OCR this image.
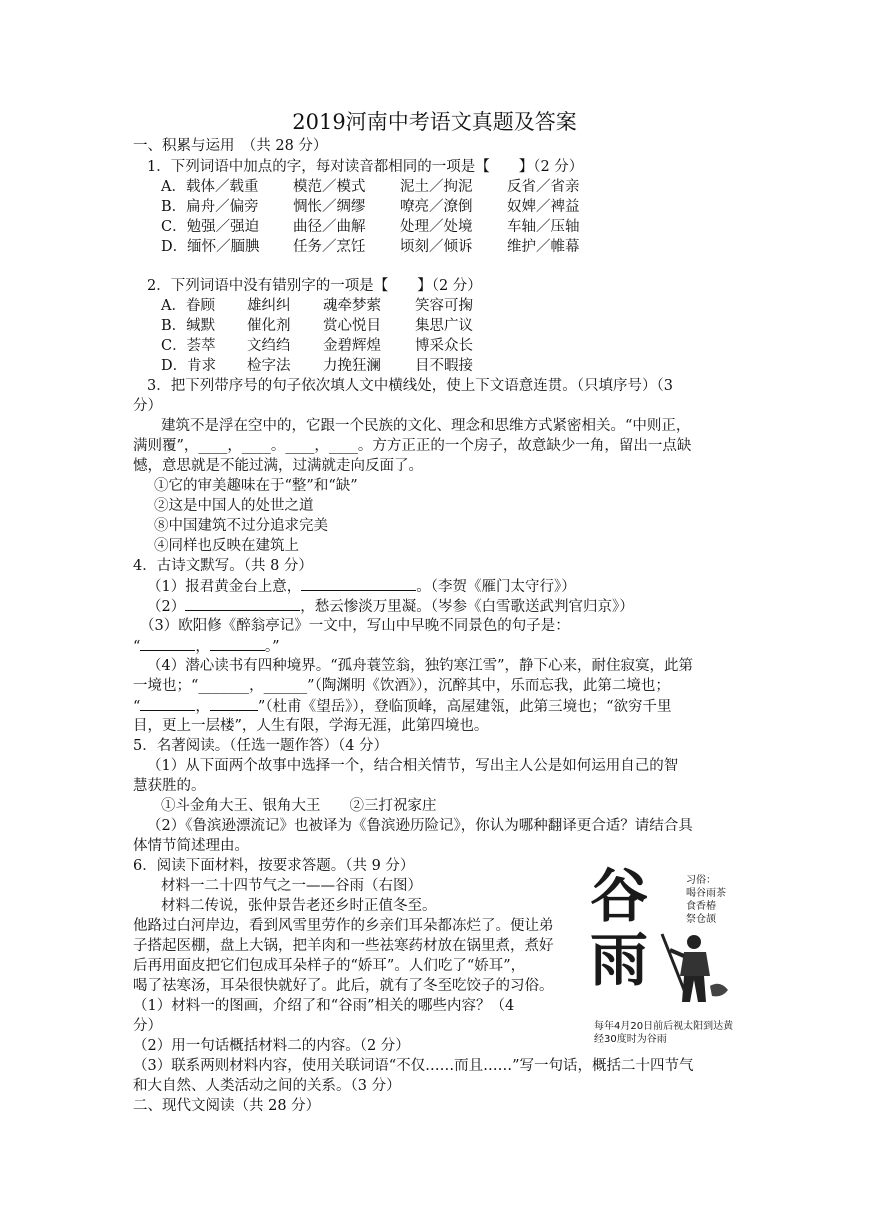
2019河南中考语文真题及答案
一、积累与运用　（共 28 分）
1．下列词语中加点的字，每对读音都相同的一项是【　　】（2 分）
2．下列词语中没有错别字的一项是【　　】（2 分）
3．把下列带序号的句子依次填人文中横线处，使上下文语意连贯。（只填序号）（3
分）
建筑不是浮在空中的，它跟一个民族的文化、理念和思维方式紧密相关。“中则正，
满则覆”，____，____。____，____。方方正正的一个房子，故意缺少一角，留出一点缺
憾，意思就是不能过满，过满就走向反面了。
①它的审美趣味在于“整”和“缺”
②这是中国人的处世之道
⑧中国建筑不过分追求完美
④同样也反映在建筑上
4．古诗文默写。（共 8 分）
（3）欧阳修《醉翁亭记》一文中，写山中早晚不同景色的句子是：
一境也；“_______，______”（陶渊明《饮酒》），沉醉其中，乐而忘我，此第二境也；
目，更上一层楼”，人生有限，学海无涯，此第四境也。
5．名著阅读。（任选一题作答）（4 分）
（1）从下面两个故事中选择一个，结合相关情节，写出主人公是如何运用自己的智
慧获胜的。
①斗金角大王、银角大王　　②三打祝家庄
（2）《鲁滨逊漂流记》也被译为《鲁滨逊历险记》，你认为哪种翻译更合适？请结合具
体情节简述理由。
6．阅读下面材料，按要求答题。（共 9 分）
材料一二十四节气之一——谷雨（右图）
材料二传说，张仲景告老还乡时正值冬至。
他路过白河岸边，看到风雪里劳作的乡亲们耳朵都冻烂了。便让弟
子搭起医棚，盘上大锅，把羊肉和一些祛寒药材放在锅里煮，煮好
后再用面皮把它们包成耳朵样子的“娇耳”。人们吃了“娇耳”，
喝了祛寒汤，耳朵很快就好了。此后，就有了冬至吃饺子的习俗。
（1）材料一的图画，介绍了和“谷雨”相关的哪些内容？（4
分）
（2）用一句话概括材料二的内容。（2 分）
（3）联系两则材料内容，使用关联词语“不仅……而且……”写一句话，概括二十四节气
和大自然、人类活动之间的关系。（3 分）
二、现代文阅读（共 28 分）
A．载体／载重 模范／模式 泥土／拘泥 反省／省亲
B．扁舟／偏旁 惆怅／绸缪 嘹亮／潦倒 奴婢／裨益
C．勉强／强迫 曲径／曲解 处理／处境 车轴／压轴
D．缅怀／腼腆 任务／烹饪 顷刻／倾诉 维护／帷幕
A．眷顾 雄纠纠 魂牵梦萦 笑容可掬
B．缄默 催化剂 赏心悦目 集思广议
C．荟萃 文绉绉 金碧辉煌 博采众长
D．肯求 检字法 力挽狂澜 目不暇接
（1）报君黄金台上意，	。（李贺《雁门太守行》）
（2）	，愁云惨淡万里凝。（岑参《白雪歌送武判官归京》）
“	，	。”
（4）潜心读书有四种境界。“孤舟蓑笠翁，独钓寒江雪”，静下心来，耐住寂寞，此第
“	，	”（杜甫《望岳》），登临顶峰，高屋建瓴，此第三境也；“欲穷千里
谷
雨
习俗：
喝谷雨茶
食香椿
祭仓颉
每年4月20日前后视太阳到达黄
经30度时为谷雨
